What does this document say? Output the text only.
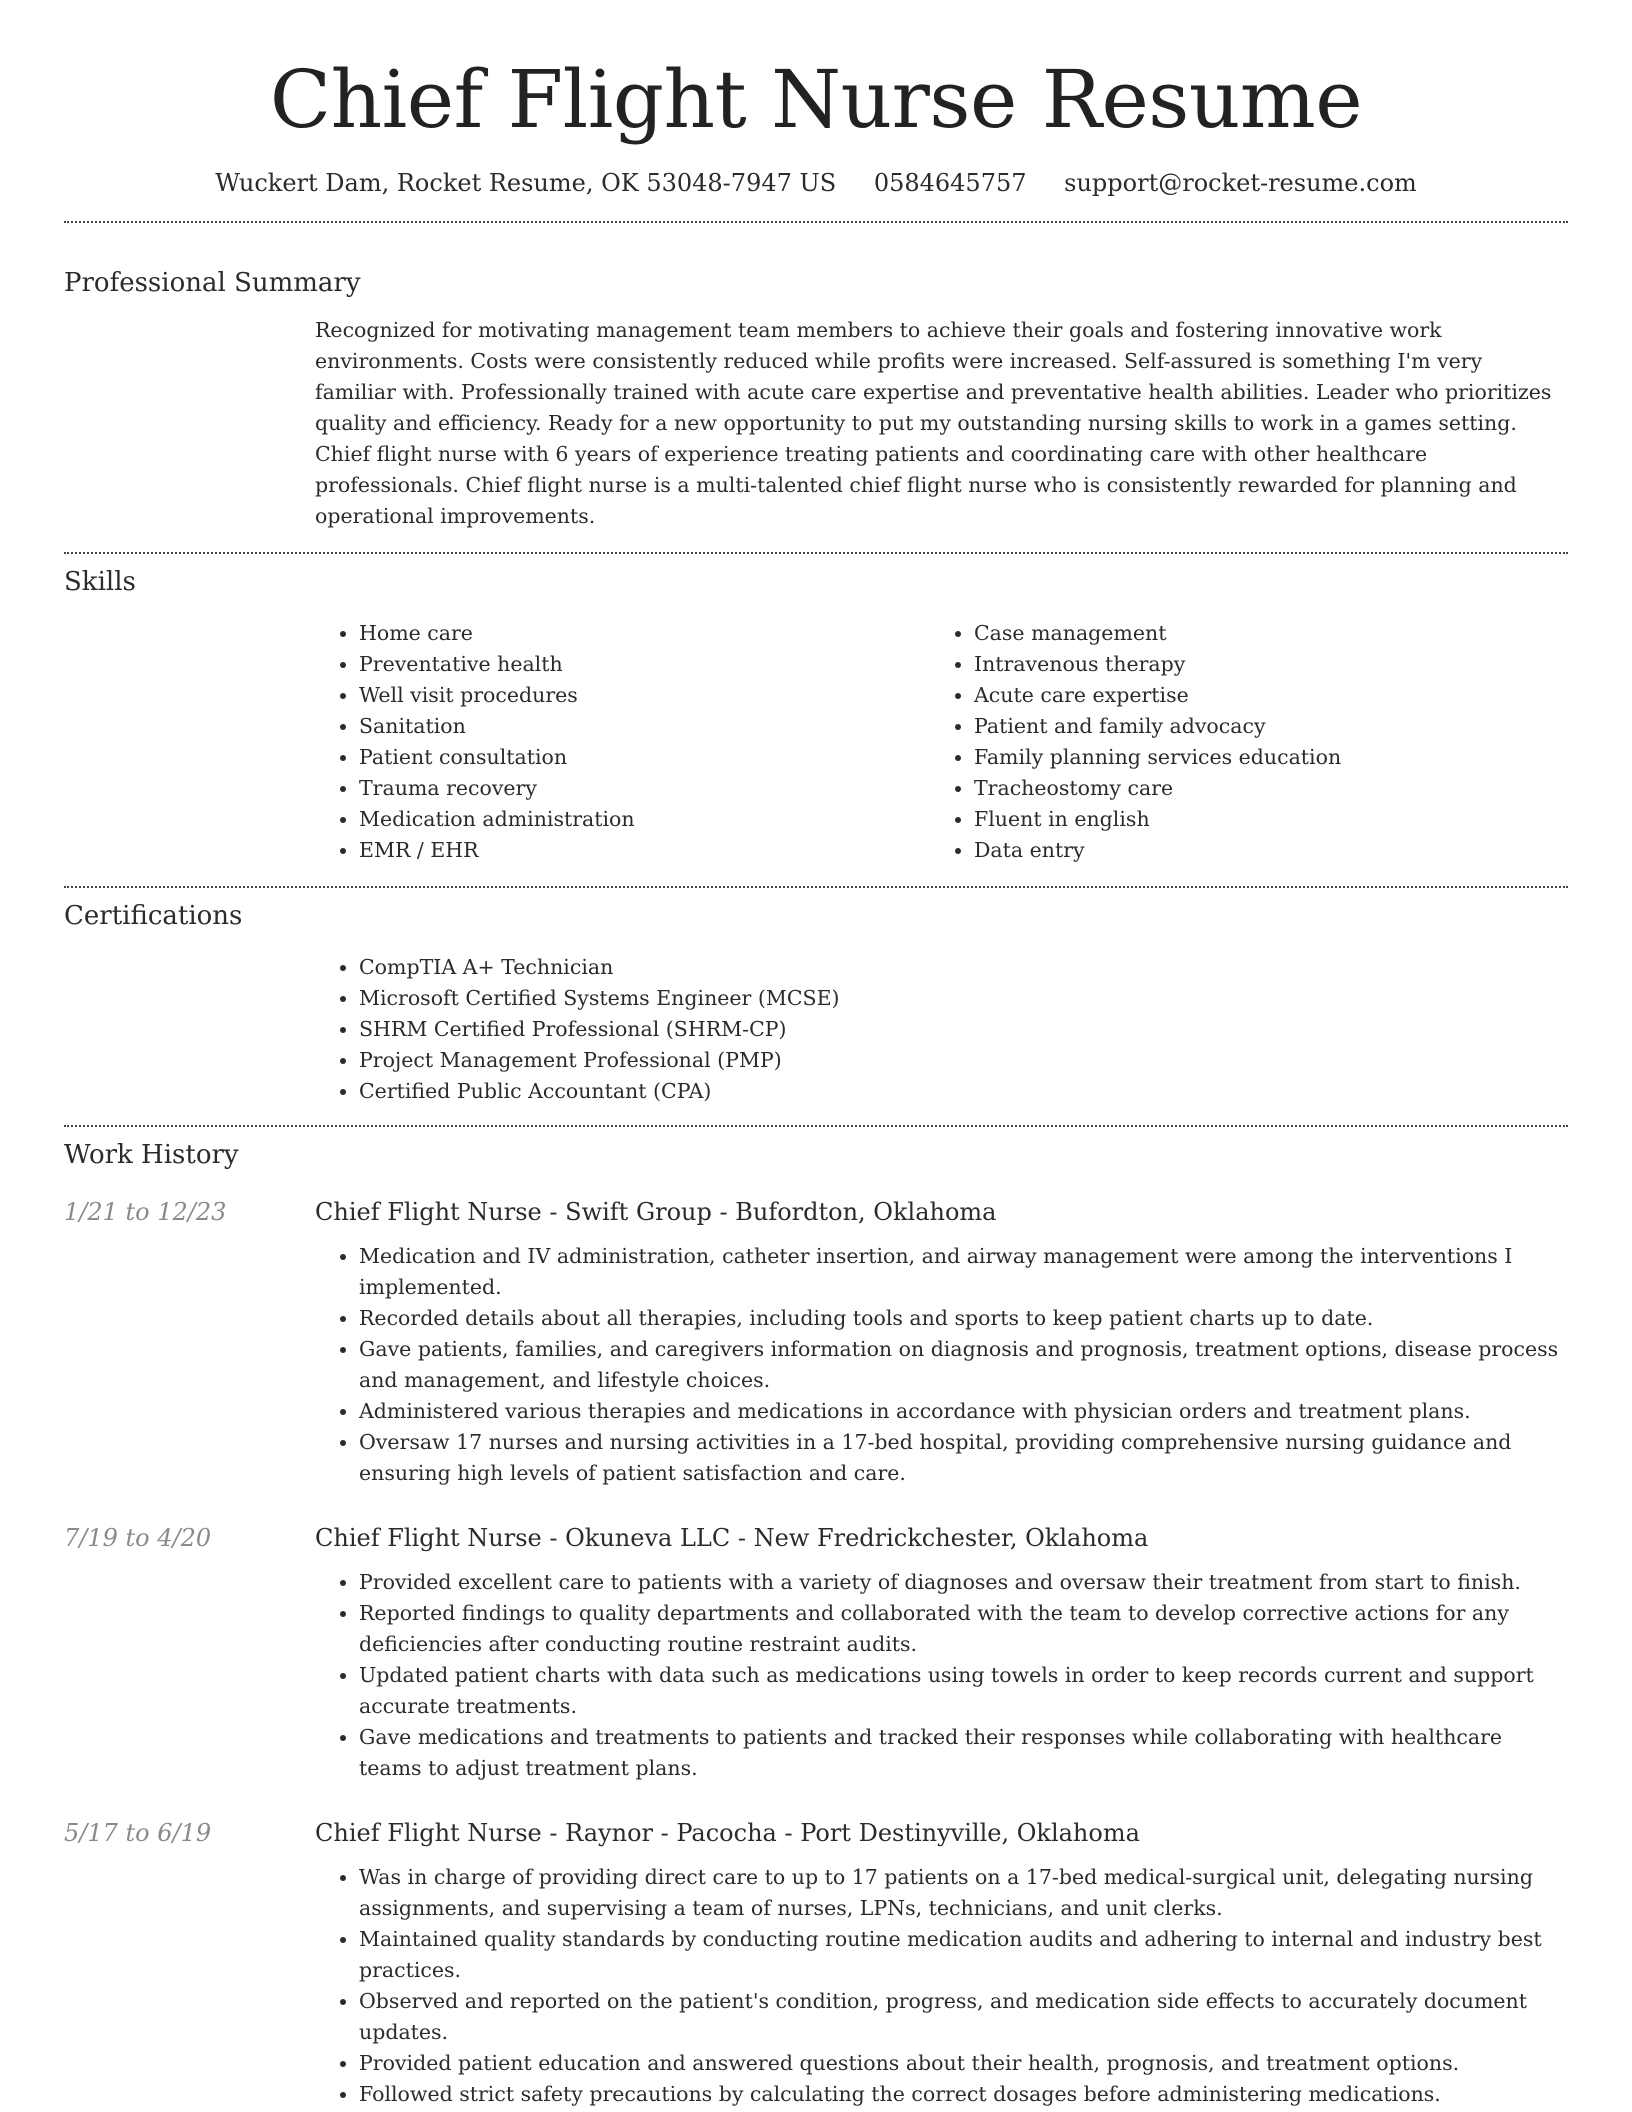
Chief Flight Nurse Resume
Wuckert Dam, Rocket Resume, OK 53048-7947 US 0584645757 support@rocket-resume.com
Professional Summary
Recognized for motivating management team members to achieve their goals and fostering innovative work environments. Costs were consistently reduced while profits were increased. Self-assured is something I'm very familiar with. Professionally trained with acute care expertise and preventative health abilities. Leader who prioritizes quality and efficiency. Ready for a new opportunity to put my outstanding nursing skills to work in a games setting. Chief flight nurse with 6 years of experience treating patients and coordinating care with other healthcare professionals. Chief flight nurse is a multi-talented chief flight nurse who is consistently rewarded for planning and operational improvements.
Skills
• Home care
• Preventative health
• Well visit procedures
• Sanitation
• Patient consultation
• Trauma recovery
• Medication administration
• EMR / EHR
• Case management
• Intravenous therapy
• Acute care expertise
• Patient and family advocacy
• Family planning services education
• Tracheostomy care
• Fluent in english
• Data entry
Certifications
• CompTIA A+ Technician
• Microsoft Certified Systems Engineer (MCSE)
• SHRM Certified Professional (SHRM-CP)
• Project Management Professional (PMP)
• Certified Public Accountant (CPA)
Work History
1/21 to 12/23	Chief Flight Nurse - Swift Group - Bufordton, Oklahoma
• Medication and IV administration, catheter insertion, and airway management were among the interventions I implemented.
• Recorded details about all therapies, including tools and sports to keep patient charts up to date.
• Gave patients, families, and caregivers information on diagnosis and prognosis, treatment options, disease process and management, and lifestyle choices.
• Administered various therapies and medications in accordance with physician orders and treatment plans.
• Oversaw 17 nurses and nursing activities in a 17-bed hospital, providing comprehensive nursing guidance and ensuring high levels of patient satisfaction and care.
7/19 to 4/20	Chief Flight Nurse - Okuneva LLC - New Fredrickchester, Oklahoma
• Provided excellent care to patients with a variety of diagnoses and oversaw their treatment from start to finish.
• Reported findings to quality departments and collaborated with the team to develop corrective actions for any deficiencies after conducting routine restraint audits.
• Updated patient charts with data such as medications using towels in order to keep records current and support accurate treatments.
• Gave medications and treatments to patients and tracked their responses while collaborating with healthcare teams to adjust treatment plans.
5/17 to 6/19	Chief Flight Nurse - Raynor - Pacocha - Port Destinyville, Oklahoma
• Was in charge of providing direct care to up to 17 patients on a 17-bed medical-surgical unit, delegating nursing assignments, and supervising a team of nurses, LPNs, technicians, and unit clerks.
• Maintained quality standards by conducting routine medication audits and adhering to internal and industry best practices.
• Observed and reported on the patient's condition, progress, and medication side effects to accurately document updates.
• Provided patient education and answered questions about their health, prognosis, and treatment options.
• Followed strict safety precautions by calculating the correct dosages before administering medications.
